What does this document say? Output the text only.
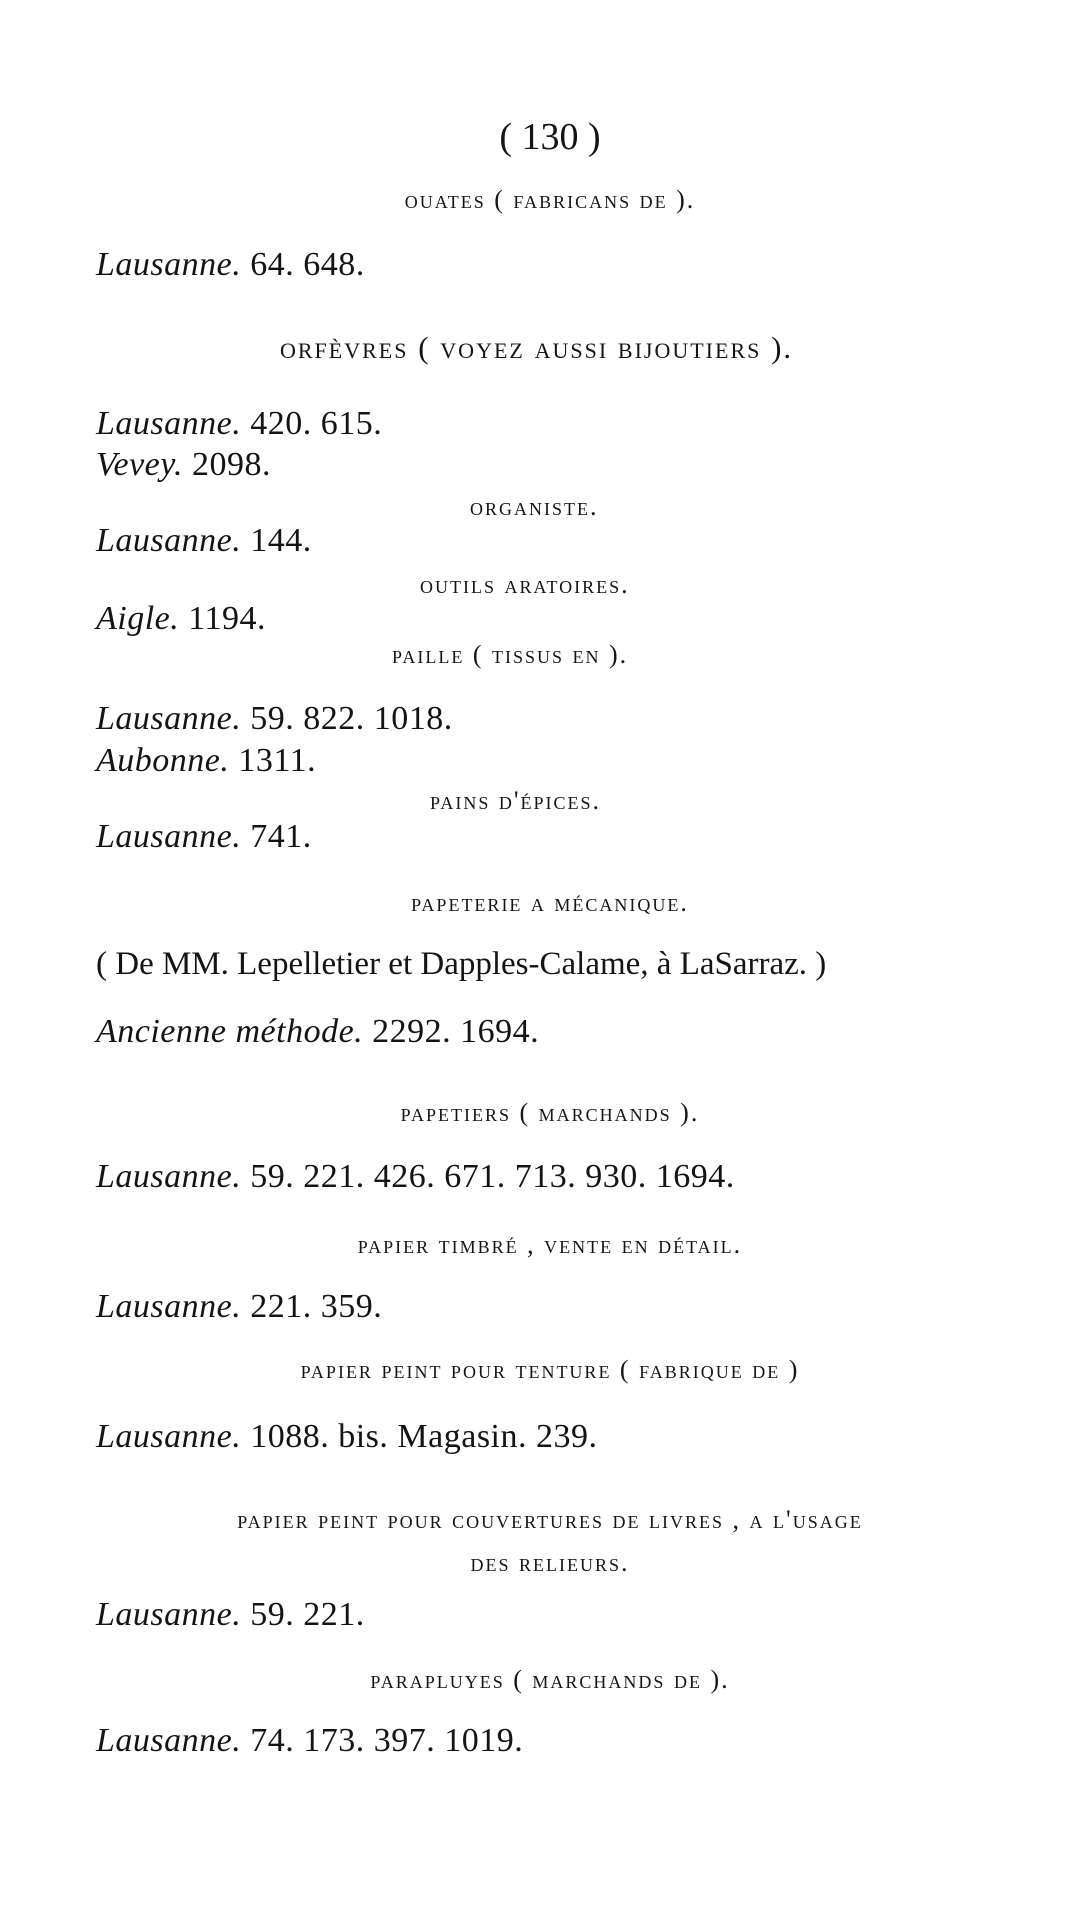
( 130 )
ouates ( fabricans de ).
Lausanne. 64. 648.
orfèvres ( voyez aussi bijoutiers ).
Lausanne. 420. 615.
Vevey. 2098.
organiste.
Lausanne. 144.
outils aratoires.
Aigle. 1194.
paille ( tissus en ).
Lausanne. 59. 822. 1018.
Aubonne. 1311.
pains d'épices.
Lausanne. 741.
papeterie a mécanique.
( De MM. Lepelletier et Dapples-Calame, à LaSarraz. )
Ancienne méthode. 2292. 1694.
papetiers ( marchands ).
Lausanne. 59. 221. 426. 671. 713. 930. 1694.
papier timbré , vente en détail.
Lausanne. 221. 359.
papier peint pour tenture ( fabrique de )
Lausanne. 1088. bis. Magasin. 239.
papier peint pour couvertures de livres , a l'usage
des relieurs.
Lausanne. 59. 221.
parapluyes ( marchands de ).
Lausanne. 74. 173. 397. 1019.
